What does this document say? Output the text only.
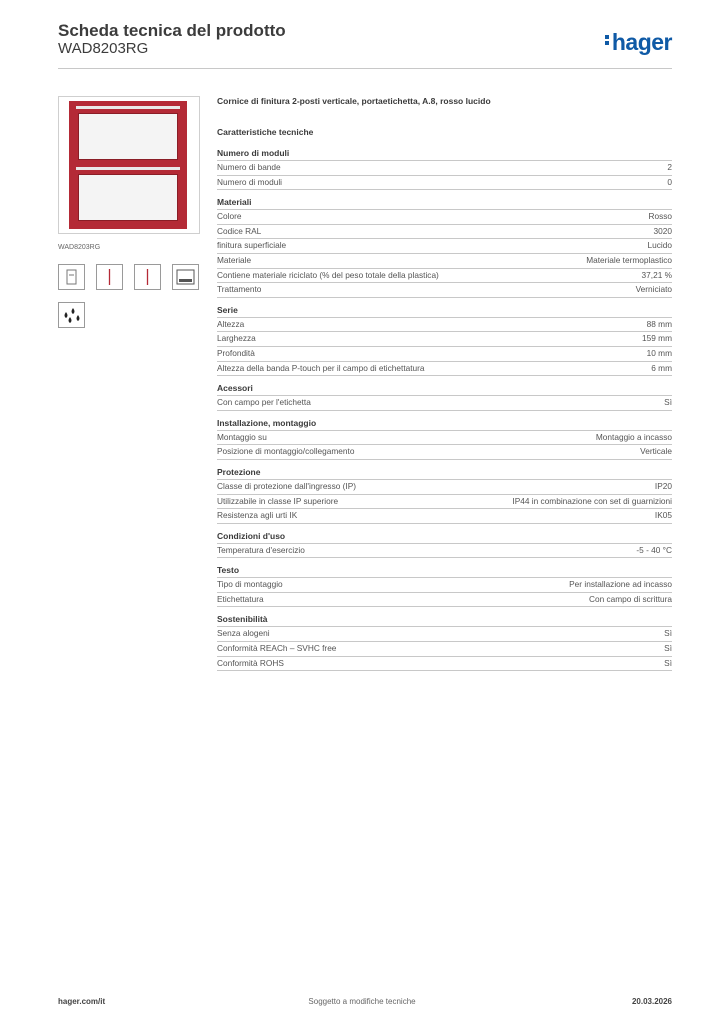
Scheda tecnica del prodotto
WAD8203RG	hager
WAD8203RG
Cornice di finitura 2-posti verticale, portaetichetta, A.8, rosso lucido
Caratteristiche tecniche
Numero di moduli
Numero di bande	2
Numero di moduli	0
Materiali
Colore	Rosso
Codice RAL	3020
finitura superficiale	Lucido
Materiale	Materiale termoplastico
Contiene materiale riciclato (% del peso totale della plastica)	37,21 %
Trattamento	Verniciato
Serie
Altezza	88 mm
Larghezza	159 mm
Profondità	10 mm
Altezza della banda P-touch per il campo di etichettatura	6 mm
Acessori
Con campo per l'etichetta	Sì
Installazione, montaggio
Montaggio su	Montaggio a incasso
Posizione di montaggio/collegamento	Verticale
Protezione
Classe di protezione dall'ingresso (IP)	IP20
Utilizzabile in classe IP superiore	IP44 in combinazione con set di guarnizioni
Resistenza agli urti IK	IK05
Condizioni d'uso
Temperatura d'esercizio	-5 - 40 °C
Testo
Tipo di montaggio	Per installazione ad incasso
Etichettatura	Con campo di scrittura
Sostenibilità
Senza alogeni	Sì
Conformità REACh – SVHC free	Sì
Conformità ROHS	Sì
hager.com/it	Soggetto a modifiche tecniche	20.03.2026
